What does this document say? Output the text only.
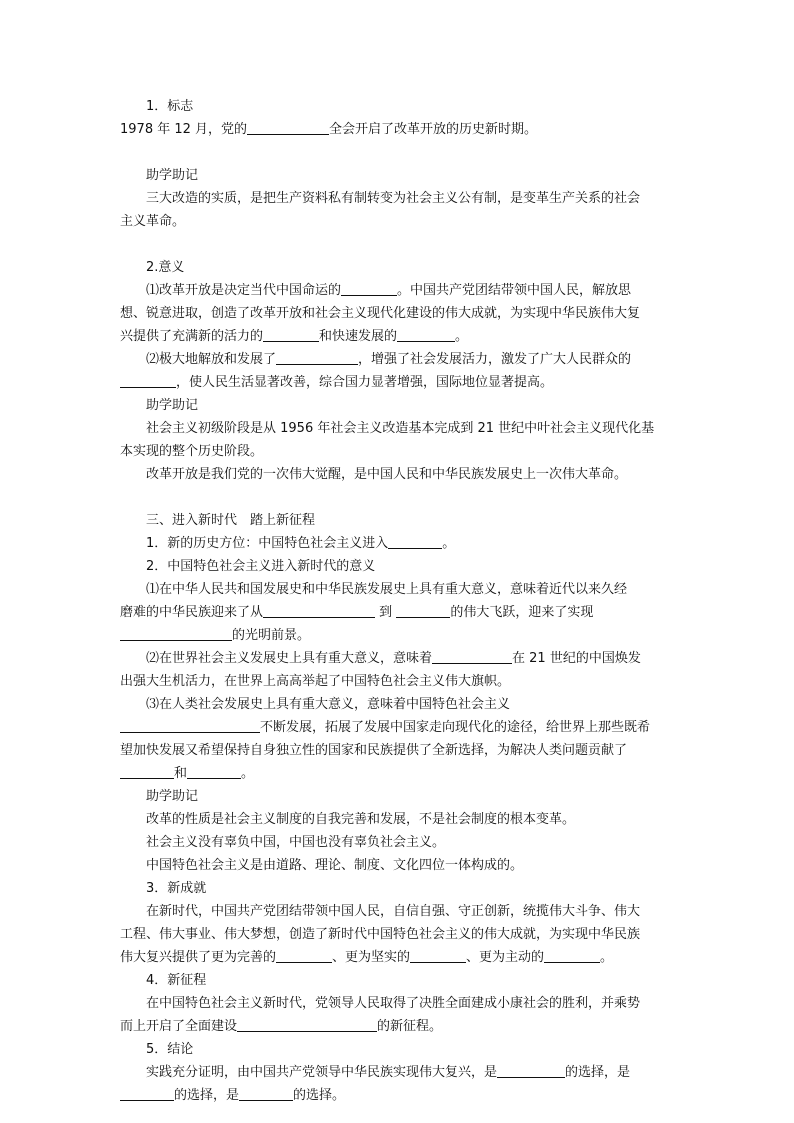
1．标志
1978 年 12 月，党的	全会开启了改革开放的历史新时期。
助学助记
三大改造的实质，是把生产资料私有制转变为社会主义公有制，是变革生产关系的社会
主义革命。
2.意义
⑴改革开放是决定当代中国命运的	。中国共产党团结带领中国人民，解放思
想、锐意进取，创造了改革开放和社会主义现代化建设的伟大成就，为实现中华民族伟大复
兴提供了充满新的活力的	和快速发展的	。
⑵极大地解放和发展了	，增强了社会发展活力，激发了广大人民群众的
，使人民生活显著改善，综合国力显著增强，国际地位显著提高。
助学助记
社会主义初级阶段是从 1956 年社会主义改造基本完成到 21 世纪中叶社会主义现代化基
本实现的整个历史阶段。
改革开放是我们党的一次伟大觉醒，是中国人民和中华民族发展史上一次伟大革命。
三、进入新时代　踏上新征程
1．新的历史方位：中国特色社会主义进入	。
2．中国特色社会主义进入新时代的意义
⑴在中华人民共和国发展史和中华民族发展史上具有重大意义，意味着近代以来久经
磨难的中华民族迎来了从	到	的伟大飞跃，迎来了实现
的光明前景。
⑵在世界社会主义发展史上具有重大意义，意味着	在 21 世纪的中国焕发
出强大生机活力，在世界上高高举起了中国特色社会主义伟大旗帜。
⑶在人类社会发展史上具有重大意义，意味着中国特色社会主义
不断发展，拓展了发展中国家走向现代化的途径，给世界上那些既希
望加快发展又希望保持自身独立性的国家和民族提供了全新选择，为解决人类问题贡献了
和	。
助学助记
改革的性质是社会主义制度的自我完善和发展，不是社会制度的根本变革。
社会主义没有辜负中国，中国也没有辜负社会主义。
中国特色社会主义是由道路、理论、制度、文化四位一体构成的。
3．新成就
在新时代，中国共产党团结带领中国人民，自信自强、守正创新，统揽伟大斗争、伟大
工程、伟大事业、伟大梦想，创造了新时代中国特色社会主义的伟大成就，为实现中华民族
伟大复兴提供了更为完善的	、更为坚实的	、更为主动的	。
4．新征程
在中国特色社会主义新时代，党领导人民取得了决胜全面建成小康社会的胜利，并乘势
而上开启了全面建设	的新征程。
5．结论
实践充分证明，由中国共产党领导中华民族实现伟大复兴，是	的选择，是
的选择，是	的选择。
